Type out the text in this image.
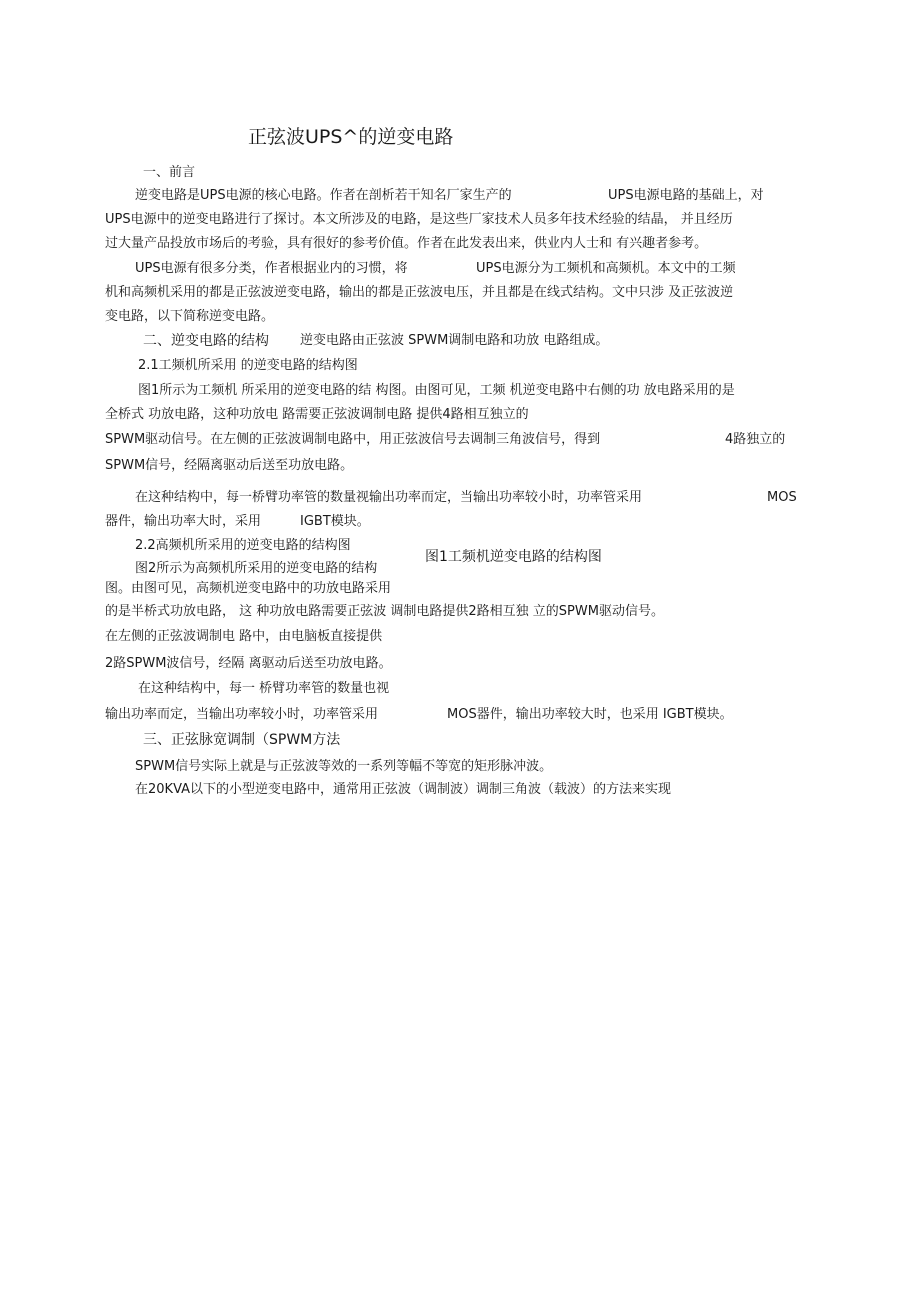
正弦波UPS^的逆变电路
一、前言
逆变电路是UPS电源的核心电路。作者在剖析若干知名厂家生产的	UPS电源电路的基础上，对
UPS电源中的逆变电路进行了探讨。本文所涉及的电路，是这些厂家技术人员多年技术经验的结晶， 并且经历
过大量产品投放市场后的考验，具有很好的参考价值。作者在此发表出来，供业内人士和 有兴趣者参考。
UPS电源有很多分类，作者根据业内的习惯，将	UPS电源分为工频机和高频机。本文中的工频
机和高频机采用的都是正弦波逆变电路，输出的都是正弦波电压，并且都是在线式结构。文中只涉 及正弦波逆
变电路，以下简称逆变电路。
二、逆变电路的结构 逆变电路由正弦波 SPWM调制电路和功放 电路组成。
2.1工频机所采用 的逆变电路的结构图
图1所示为工频机 所采用的逆变电路的结 构图。由图可见，工频 机逆变电路中右侧的功 放电路采用的是
全桥式 功放电路，这种功放电 路需要正弦波调制电路 提供4路相互独立的
SPWM驱动信号。在左侧的正弦波调制电路中，用正弦波信号去调制三角波信号，得到	4路独立的
SPWM信号，经隔离驱动后送至功放电路。
在这种结构中，每一桥臂功率管的数量视输出功率而定，当输出功率较小时，功率管采用	MOS
器件，输出功率大时，采用	IGBT模块。
2.2高频机所采用的逆变电路的结构图
图1工频机逆变电路的结构图
图2所示为高频机所采用的逆变电路的结构
图。由图可见，高频机逆变电路中的功放电路采用
的是半桥式功放电路， 这 种功放电路需要正弦波 调制电路提供2路相互独 立的SPWM驱动信号。
在左侧的正弦波调制电 路中，由电脑板直接提供
2路SPWM波信号，经隔 离驱动后送至功放电路。
在这种结构中，每一 桥臂功率管的数量也视
输出功率而定，当输出功率较小时，功率管采用	MOS器件，输出功率较大时，也采用 IGBT模块。
三、正弦脉宽调制（SPWM方法
SPWM信号实际上就是与正弦波等效的一系列等幅不等宽的矩形脉冲波。
在20KVA以下的小型逆变电路中，通常用正弦波（调制波）调制三角波（载波）的方法来实现
